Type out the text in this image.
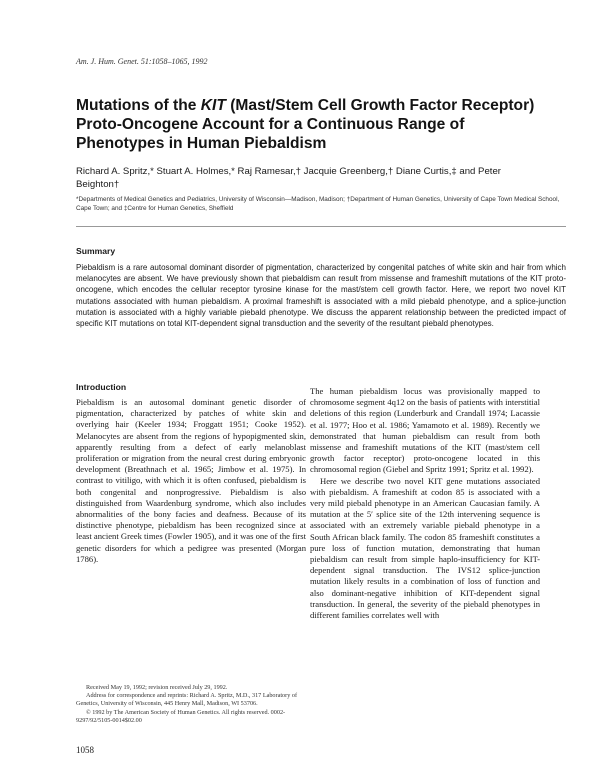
Am. J. Hum. Genet. 51:1058–1065, 1992
Mutations of the KIT (Mast/Stem Cell Growth Factor Receptor) Proto-Oncogene Account for a Continuous Range of Phenotypes in Human Piebaldism
Richard A. Spritz,* Stuart A. Holmes,* Raj Ramesar,† Jacquie Greenberg,† Diane Curtis,‡ and Peter Beighton†
*Departments of Medical Genetics and Pediatrics, University of Wisconsin—Madison, Madison; †Department of Human Genetics, University of Cape Town Medical School, Cape Town; and ‡Centre for Human Genetics, Sheffield
Summary
Piebaldism is a rare autosomal dominant disorder of pigmentation, characterized by congenital patches of white skin and hair from which melanocytes are absent. We have previously shown that piebaldism can result from missense and frameshift mutations of the KIT proto-oncogene, which encodes the cellular receptor tyrosine kinase for the mast/stem cell growth factor. Here, we report two novel KIT mutations associated with human piebaldism. A proximal frameshift is associated with a mild piebald phenotype, and a splice-junction mutation is associated with a highly variable piebald phenotype. We discuss the apparent relationship between the predicted impact of specific KIT mutations on total KIT-dependent signal transduction and the severity of the resultant piebald phenotypes.
Introduction

Piebaldism is an autosomal dominant genetic disorder of pigmentation, characterized by patches of white skin and overlying hair (Keeler 1934; Froggatt 1951; Cooke 1952). Melanocytes are absent from the regions of hypopigmented skin, apparently resulting from a defect of early melanoblast proliferation or migration from the neural crest during embryonic development (Breathnach et al. 1965; Jimbow et al. 1975). In contrast to vitiligo, with which it is often confused, piebaldism is both congenital and nonprogressive. Piebaldism is also distinguished from Waardenburg syndrome, which also includes abnormalities of the bony facies and deafness. Because of its distinctive phenotype, piebaldism has been recognized since at least ancient Greek times (Fowler 1905), and it was one of the first genetic disorders for which a pedigree was presented (Morgan 1786).

Received May 19, 1992; revision received July 29, 1992.

Address for correspondence and reprints: Richard A. Spritz, M.D., 317 Laboratory of Genetics, University of Wisconsin, 445 Henry Mall, Madison, WI 53706.

© 1992 by The American Society of Human Genetics. All rights reserved. 0002-9297/92/5105-0014$02.00

The human piebaldism locus was provisionally mapped to chromosome segment 4q12 on the basis of patients with interstitial deletions of this region (Lunderburk and Crandall 1974; Lacassie et al. 1977; Hoo et al. 1986; Yamamoto et al. 1989). Recently we demonstrated that human piebaldism can result from both missense and frameshift mutations of the KIT (mast/stem cell growth factor receptor) proto-oncogene located in this chromosomal region (Giebel and Spritz 1991; Spritz et al. 1992).

Here we describe two novel KIT gene mutations associated with piebaldism. A frameshift at codon 85 is associated with a very mild piebald phenotype in an American Caucasian family. A mutation at the 5′ splice site of the 12th intervening sequence is associated with an extremely variable piebald phenotype in a South African black family. The codon 85 frameshift constitutes a pure loss of function mutation, demonstrating that human piebaldism can result from simple haplo-insufficiency for KIT-dependent signal transduction. The IVS12 splice-junction mutation likely results in a combination of loss of function and also dominant-negative inhibition of KIT-dependent signal transduction. In general, the severity of the piebald phenotypes in different families correlates well with

1058
